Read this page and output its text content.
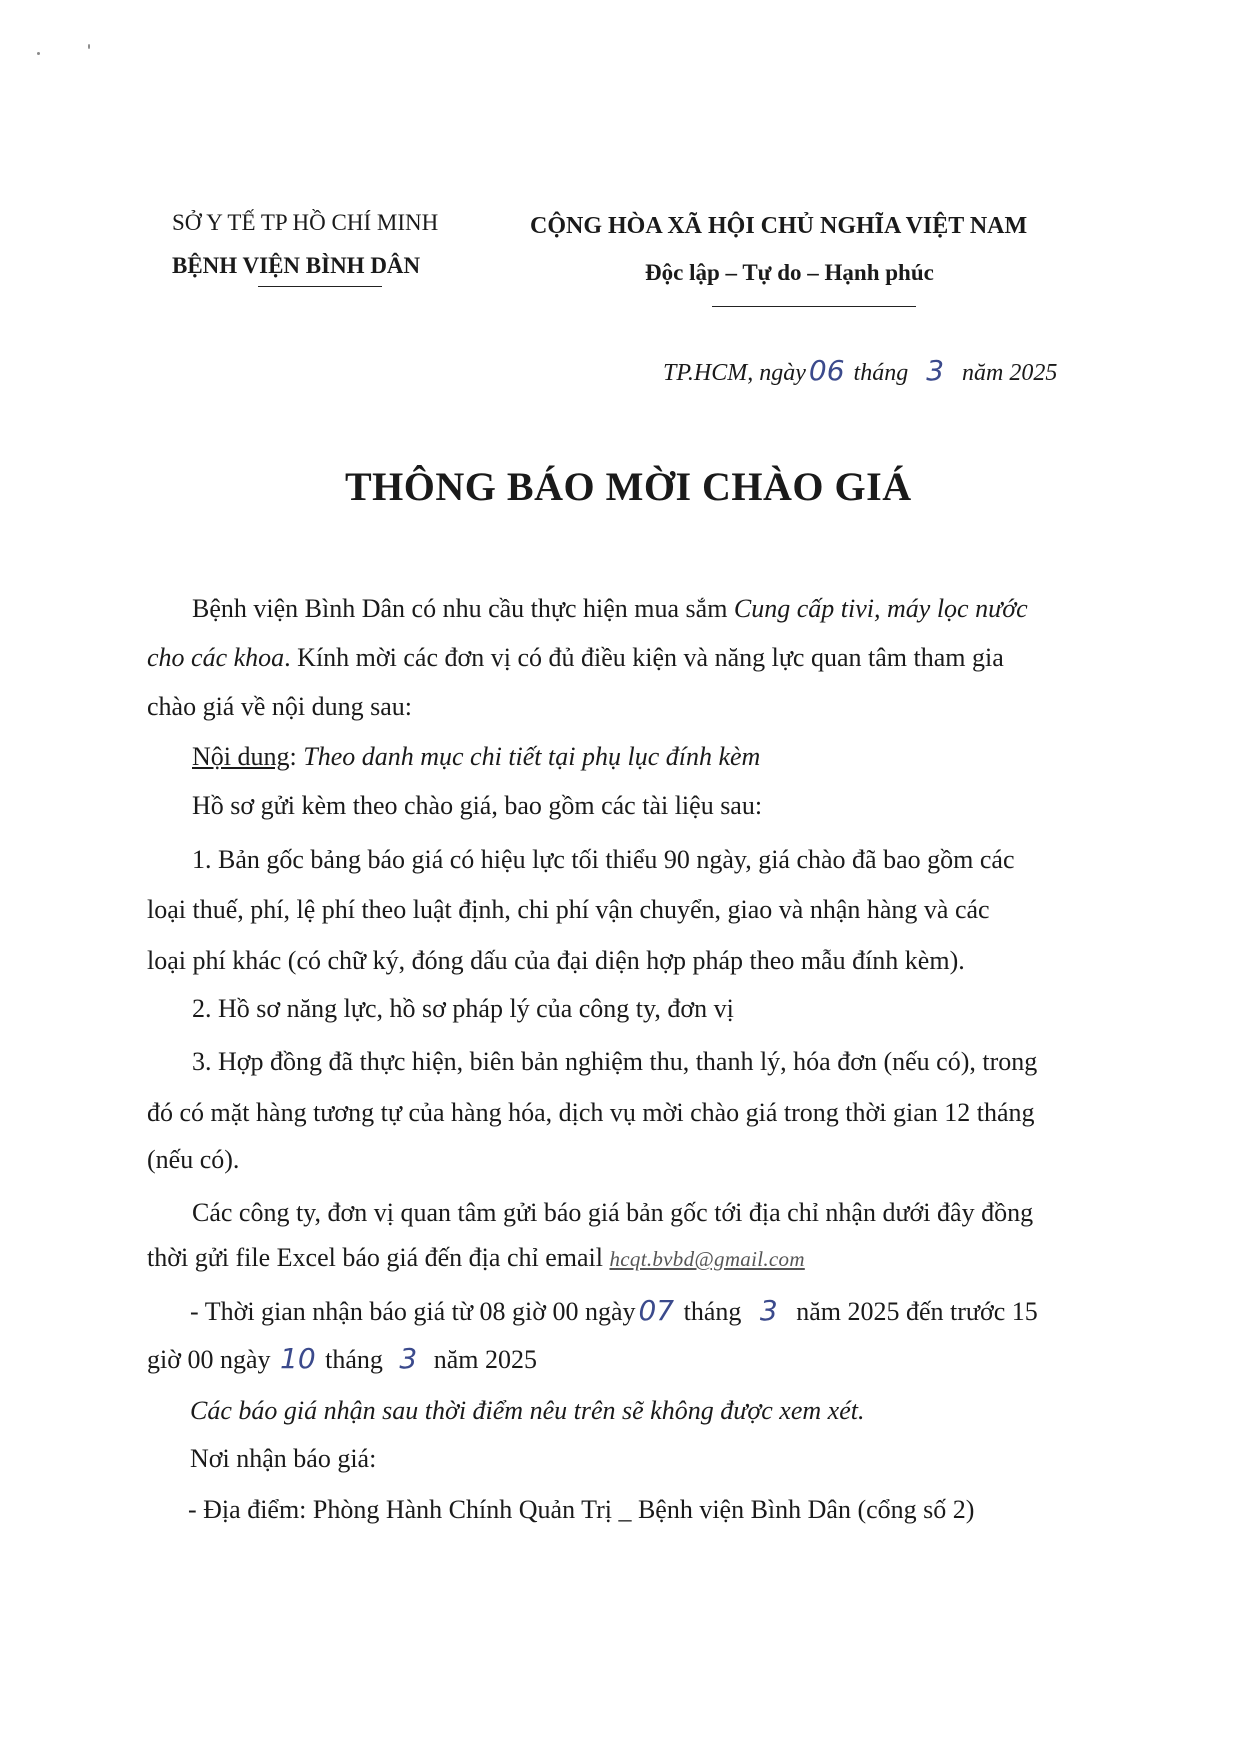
SỞ Y TẾ TP HỒ CHÍ MINH
BỆNH VIỆN BÌNH DÂN
CỘNG HÒA XÃ HỘI CHỦ NGHĨA VIỆT NAM
Độc lập – Tự do – Hạnh phúc
TP.HCM, ngày 06 tháng 3 năm 2025
THÔNG BÁO MỜI CHÀO GIÁ
Bệnh viện Bình Dân có nhu cầu thực hiện mua sắm Cung cấp tivi, máy lọc nước
cho các khoa. Kính mời các đơn vị có đủ điều kiện và năng lực quan tâm tham gia
chào giá về nội dung sau:
Nội dung: Theo danh mục chi tiết tại phụ lục đính kèm
Hồ sơ gửi kèm theo chào giá, bao gồm các tài liệu sau:
1. Bản gốc bảng báo giá có hiệu lực tối thiểu 90 ngày, giá chào đã bao gồm các
loại thuế, phí, lệ phí theo luật định, chi phí vận chuyển, giao và nhận hàng và các
loại phí khác (có chữ ký, đóng dấu của đại diện hợp pháp theo mẫu đính kèm).
2. Hồ sơ năng lực, hồ sơ pháp lý của công ty, đơn vị
3. Hợp đồng đã thực hiện, biên bản nghiệm thu, thanh lý, hóa đơn (nếu có), trong
đó có mặt hàng tương tự của hàng hóa, dịch vụ mời chào giá trong thời gian 12 tháng
(nếu có).
Các công ty, đơn vị quan tâm gửi báo giá bản gốc tới địa chỉ nhận dưới đây đồng
thời gửi file Excel báo giá đến địa chỉ email hcqt.bvbd@gmail.com
- Thời gian nhận báo giá từ 08 giờ 00 ngày 07 tháng 3 năm 2025 đến trước 15
giờ 00 ngày 10 tháng 3 năm 2025
Các báo giá nhận sau thời điểm nêu trên sẽ không được xem xét.
Nơi nhận báo giá:
- Địa điểm: Phòng Hành Chính Quản Trị _ Bệnh viện Bình Dân (cổng số 2)
